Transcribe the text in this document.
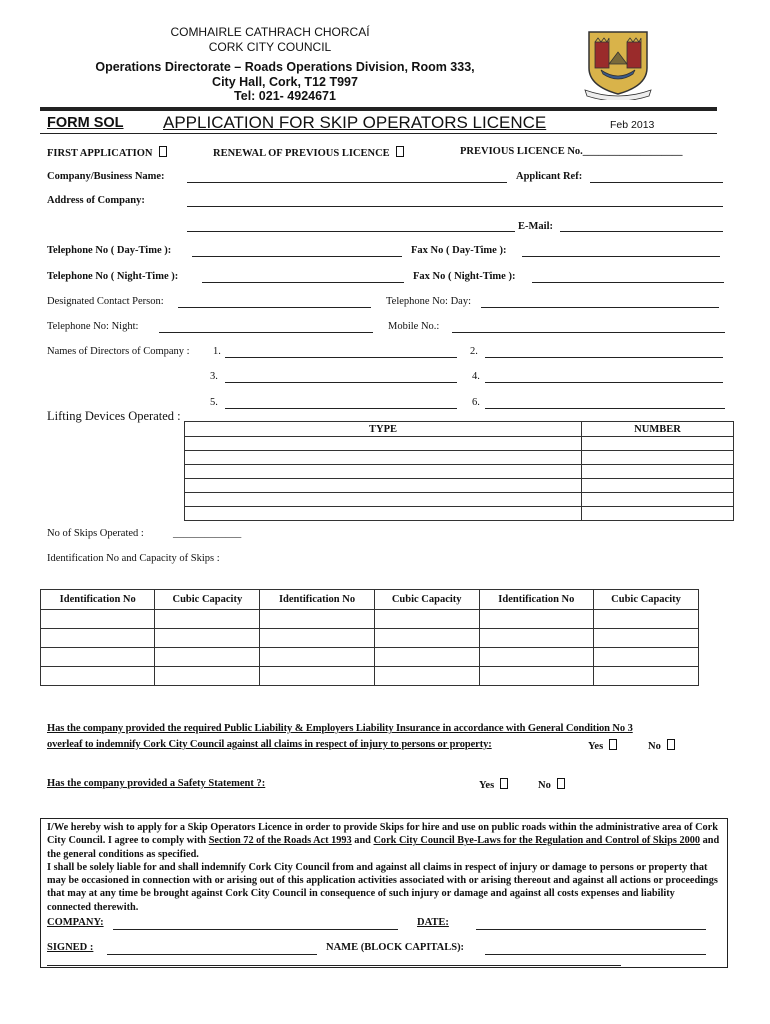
COMHAIRLE CATHRACH CHORCAÍ
CORK CITY COUNCIL
Operations Directorate – Roads Operations Division, Room 333,
City Hall, Cork, T12 T997
Tel: 021- 4924671
FORM SOL APPLICATION FOR SKIP OPERATORS LICENCE	Feb 2013
FIRST APPLICATION	RENEWAL OF PREVIOUS LICENCE	PREVIOUS LICENCE No.___________________
Company/Business Name:	Applicant Ref:
Address of Company:
E-Mail:
Telephone No ( Day-Time ):	Fax No ( Day-Time ):
Telephone No ( Night-Time ):	Fax No ( Night-Time ):
Designated Contact Person:	Telephone No: Day:
Telephone No: Night:	Mobile No.:
Names of Directors of Company : 1.	2.
3.	4.
5.	6.
Lifting Devices Operated :
TYPE	NUMBER

No of Skips Operated :	_____________
Identification No and Capacity of Skips :
Identification No	Cubic Capacity	Identification No	Cubic Capacity	Identification No	Cubic Capacity

Has the company provided the required Public Liability & Employers Liability Insurance in accordance with General Condition No 3
overleaf to indemnify Cork City Council against all claims in respect of injury to persons or property:	Yes	No
Has the company provided a Safety Statement ?:	Yes	No
I/We hereby wish to apply for a Skip Operators Licence in order to provide Skips for hire and use on public roads within the administrative area of Cork City Council. I agree to comply with Section 72 of the Roads Act 1993 and Cork City Council Bye-Laws for the Regulation and Control of Skips 2000 and the general conditions as specified.
I shall be solely liable for and shall indemnify Cork City Council from and against all claims in respect of injury or damage to persons or property that may be occasioned in connection with or arising out of this application activities associated with or arising thereout and against all actions or proceedings that may at any time be brought against Cork City Council in consequence of such injury or damage and against all costs expenses and liability connected therewith.
COMPANY:	DATE:
SIGNED :	NAME (BLOCK CAPITALS):
